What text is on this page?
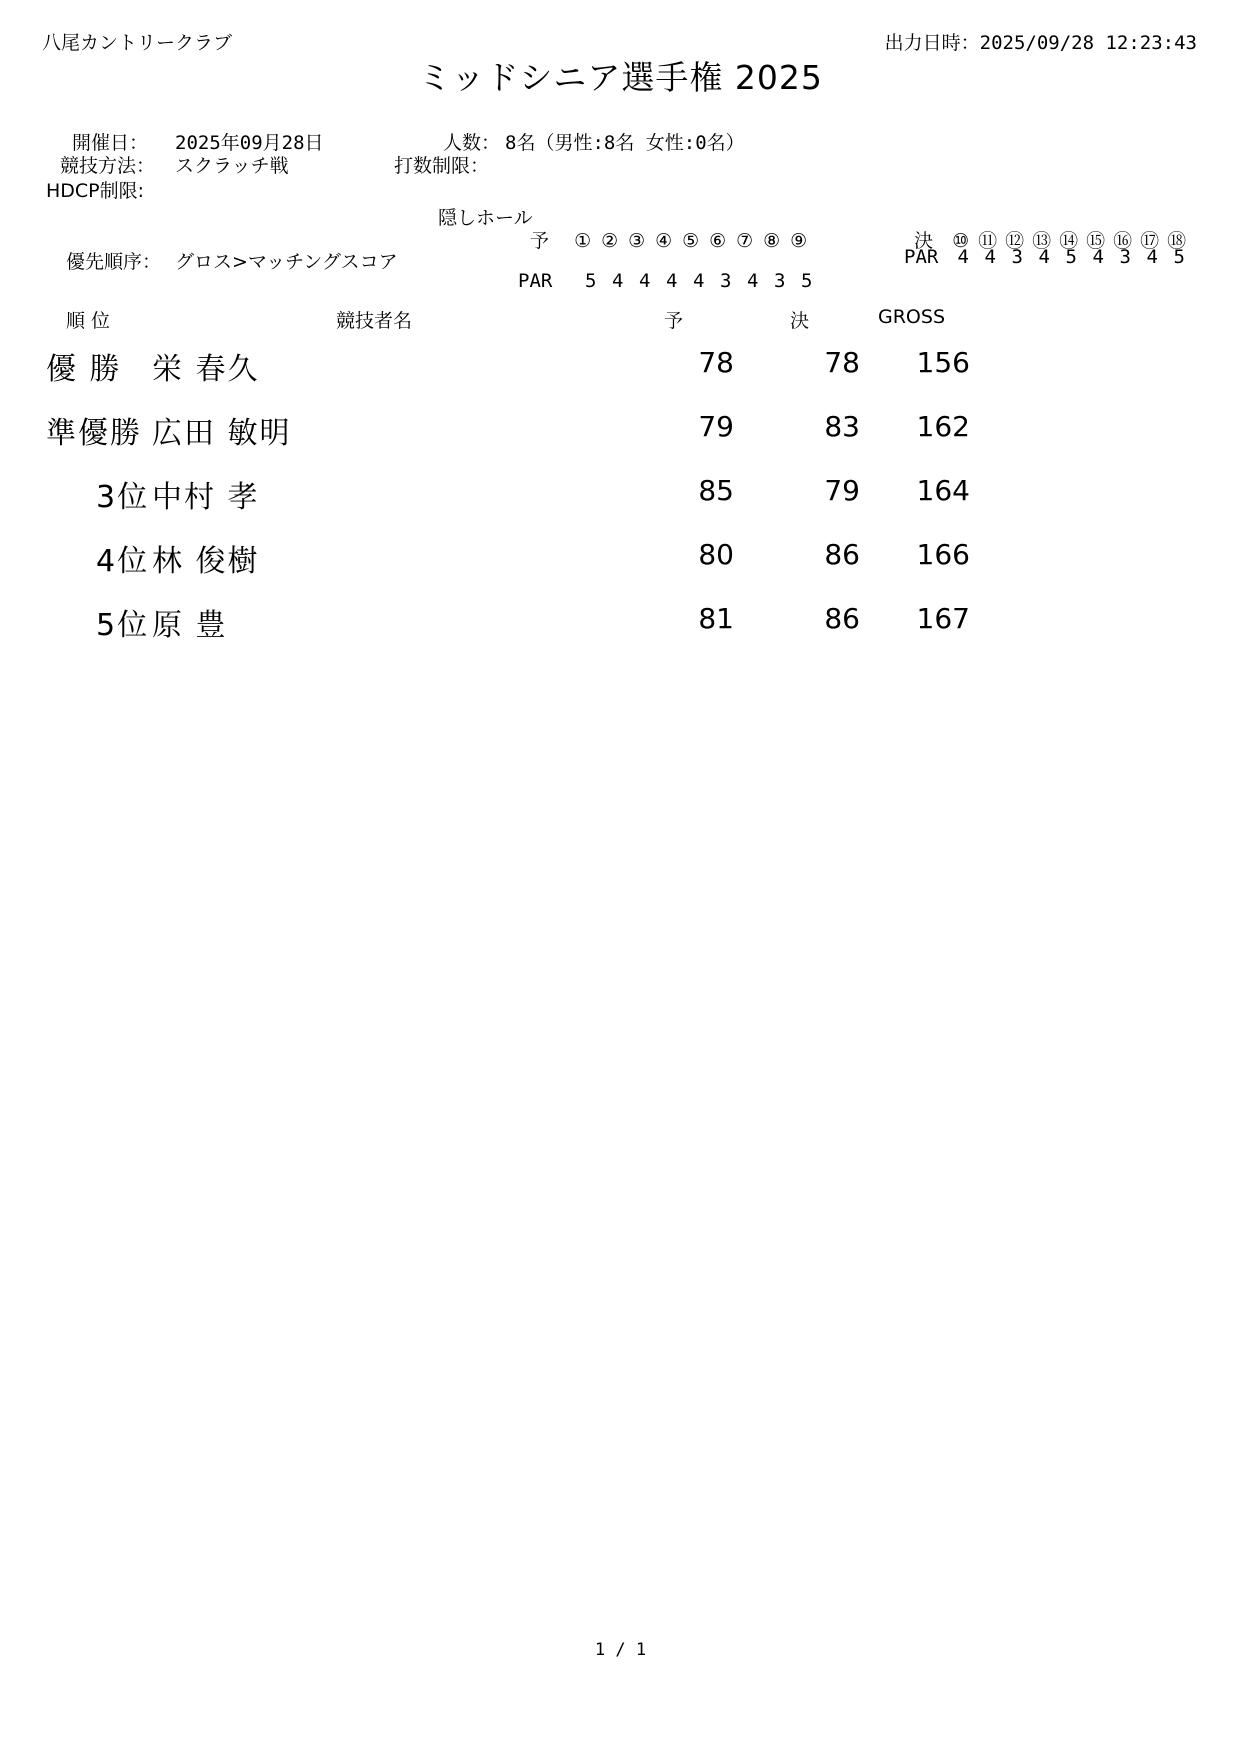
八尾カントリークラブ	出力日時：2025/09/28 12:23:43
ミッドシニア選手権 2025
開催日： 2025年09月28日	人数： 8名（男性:8名 女性:0名）
競技方法： スクラッチ戦	打数制限：
HDCP制限:
隠しホール
優先順序： グロス>マッチングスコア
予 ① ② ③ ④ ⑤ ⑥ ⑦ ⑧ ⑨
PAR 5 4 4 4 4 3 4 3 5
決 ⑩ ⑪ ⑫ ⑬ ⑭ ⑮ ⑯ ⑰ ⑱
PAR 4 4 3 4 5 4 3 4 5
順 位	競技者名	予	決	GROSS
優 勝 栄 春久	78	78	156
準優勝 広田 敏明	79	83	162
3位 中村 孝	85	79	164
4位 林 俊樹	80	86	166
5位 原 豊	81	86	167
1 / 1
